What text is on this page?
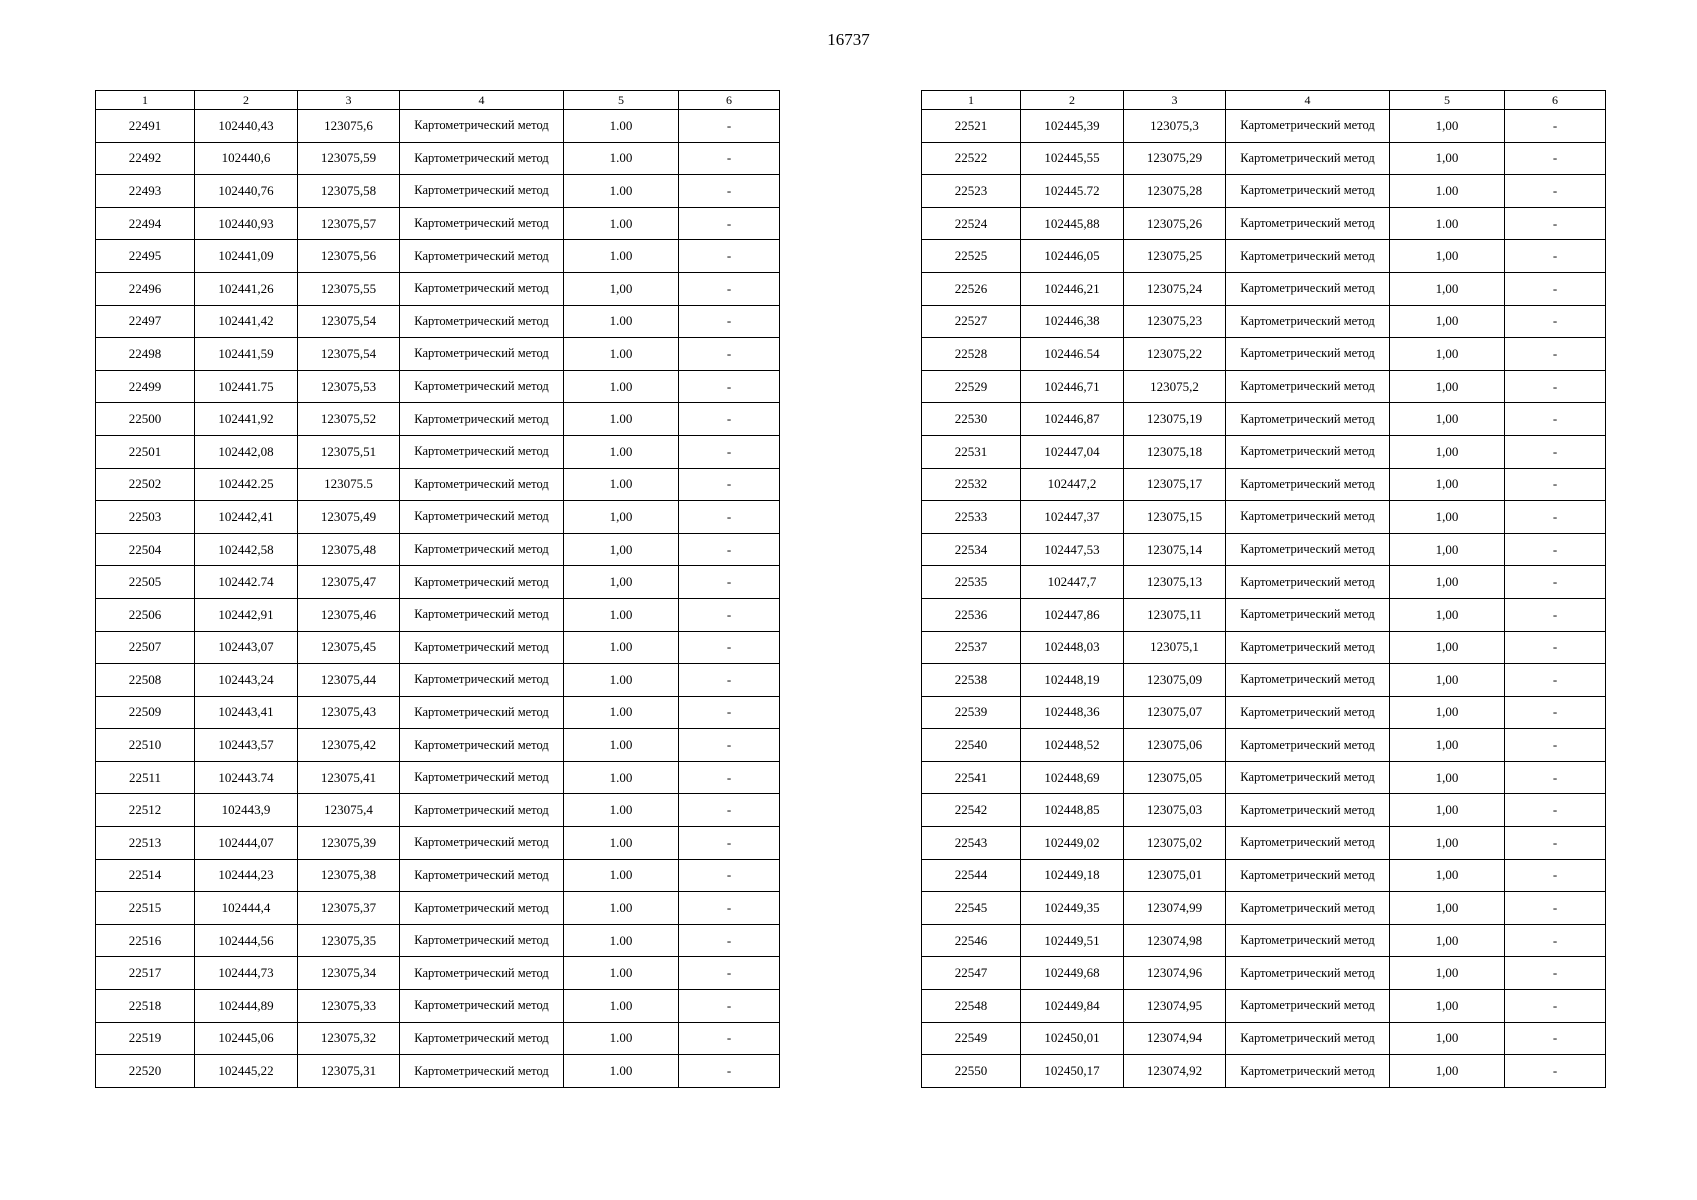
16737
1	2	3	4	5	6
22491	102440,43	123075,6	Картометрический метод	1.00	-
22492	102440,6	123075,59	Картометрический метод	1.00	-
22493	102440,76	123075,58	Картометрический метод	1.00	-
22494	102440,93	123075,57	Картометрический метод	1.00	-
22495	102441,09	123075,56	Картометрический метод	1.00	-
22496	102441,26	123075,55	Картометрический метод	1,00	-
22497	102441,42	123075,54	Картометрический метод	1.00	-
22498	102441,59	123075,54	Картометрический метод	1.00	-
22499	102441.75	123075,53	Картометрический метод	1.00	-
22500	102441,92	123075,52	Картометрический метод	1.00	-
22501	102442,08	123075,51	Картометрический метод	1.00	-
22502	102442.25	123075.5	Картометрический метод	1.00	-
22503	102442,41	123075,49	Картометрический метод	1,00	-
22504	102442,58	123075,48	Картометрический метод	1,00	-
22505	102442.74	123075,47	Картометрический метод	1,00	-
22506	102442,91	123075,46	Картометрический метод	1.00	-
22507	102443,07	123075,45	Картометрический метод	1.00	-
22508	102443,24	123075,44	Картометрический метод	1.00	-
22509	102443,41	123075,43	Картометрический метод	1.00	-
22510	102443,57	123075,42	Картометрический метод	1.00	-
22511	102443.74	123075,41	Картометрический метод	1.00	-
22512	102443,9	123075,4	Картометрический метод	1.00	-
22513	102444,07	123075,39	Картометрический метод	1.00	-
22514	102444,23	123075,38	Картометрический метод	1.00	-
22515	102444,4	123075,37	Картометрический метод	1.00	-
22516	102444,56	123075,35	Картометрический метод	1.00	-
22517	102444,73	123075,34	Картометрический метод	1.00	-
22518	102444,89	123075,33	Картометрический метод	1.00	-
22519	102445,06	123075,32	Картометрический метод	1.00	-
22520	102445,22	123075,31	Картометрический метод	1.00	-
1	2	3	4	5	6
22521	102445,39	123075,3	Картометрический метод	1,00	-
22522	102445,55	123075,29	Картометрический метод	1,00	-
22523	102445.72	123075,28	Картометрический метод	1.00	-
22524	102445,88	123075,26	Картометрический метод	1.00	-
22525	102446,05	123075,25	Картометрический метод	1,00	-
22526	102446,21	123075,24	Картометрический метод	1,00	-
22527	102446,38	123075,23	Картометрический метод	1,00	-
22528	102446.54	123075,22	Картометрический метод	1,00	-
22529	102446,71	123075,2	Картометрический метод	1,00	-
22530	102446,87	123075,19	Картометрический метод	1,00	-
22531	102447,04	123075,18	Картометрический метод	1,00	-
22532	102447,2	123075,17	Картометрический метод	1,00	-
22533	102447,37	123075,15	Картометрический метод	1,00	-
22534	102447,53	123075,14	Картометрический метод	1,00	-
22535	102447,7	123075,13	Картометрический метод	1,00	-
22536	102447,86	123075,11	Картометрический метод	1,00	-
22537	102448,03	123075,1	Картометрический метод	1,00	-
22538	102448,19	123075,09	Картометрический метод	1,00	-
22539	102448,36	123075,07	Картометрический метод	1,00	-
22540	102448,52	123075,06	Картометрический метод	1,00	-
22541	102448,69	123075,05	Картометрический метод	1,00	-
22542	102448,85	123075,03	Картометрический метод	1,00	-
22543	102449,02	123075,02	Картометрический метод	1,00	-
22544	102449,18	123075,01	Картометрический метод	1,00	-
22545	102449,35	123074,99	Картометрический метод	1,00	-
22546	102449,51	123074,98	Картометрический метод	1,00	-
22547	102449,68	123074,96	Картометрический метод	1,00	-
22548	102449,84	123074,95	Картометрический метод	1,00	-
22549	102450,01	123074,94	Картометрический метод	1,00	-
22550	102450,17	123074,92	Картометрический метод	1,00	-
